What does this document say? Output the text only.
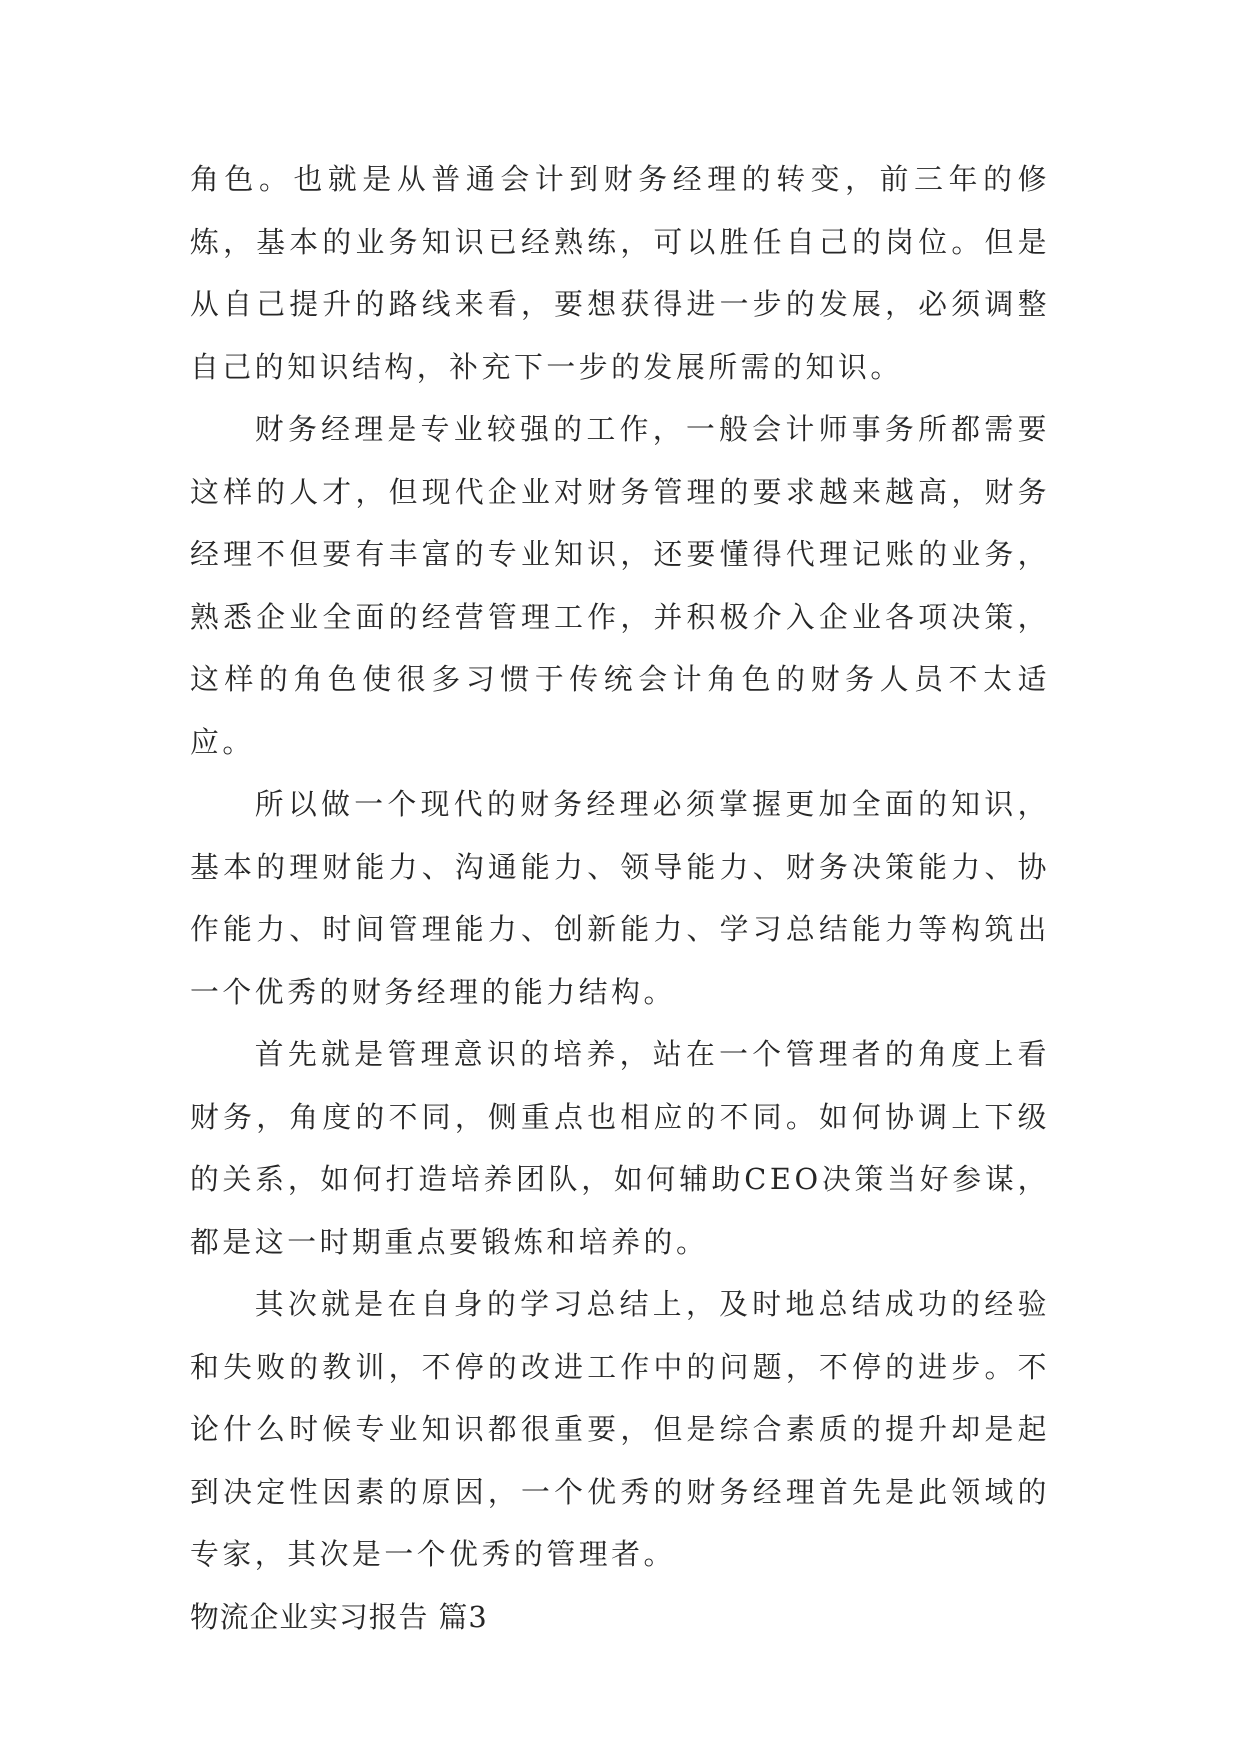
角色。也就是从普通会计到财务经理的转变，前三年的修炼，基本的业务知识已经熟练，可以胜任自己的岗位。但是从自己提升的路线来看，要想获得进一步的发展，必须调整自己的知识结构，补充下一步的发展所需的知识。

财务经理是专业较强的工作，一般会计师事务所都需要这样的人才，但现代企业对财务管理的要求越来越高，财务经理不但要有丰富的专业知识，还要懂得代理记账的业务，熟悉企业全面的经营管理工作，并积极介入企业各项决策，这样的角色使很多习惯于传统会计角色的财务人员不太适应。

所以做一个现代的财务经理必须掌握更加全面的知识，基本的理财能力、沟通能力、领导能力、财务决策能力、协作能力、时间管理能力、创新能力、学习总结能力等构筑出一个优秀的财务经理的能力结构。

首先就是管理意识的培养，站在一个管理者的角度上看财务，角度的不同，侧重点也相应的不同。如何协调上下级的关系，如何打造培养团队，如何辅助CEO决策当好参谋，都是这一时期重点要锻炼和培养的。

其次就是在自身的学习总结上，及时地总结成功的经验和失败的教训，不停的改进工作中的问题，不停的进步。不论什么时候专业知识都很重要，但是综合素质的提升却是起到决定性因素的原因，一个优秀的财务经理首先是此领域的专家，其次是一个优秀的管理者。

物流企业实习报告 篇3
